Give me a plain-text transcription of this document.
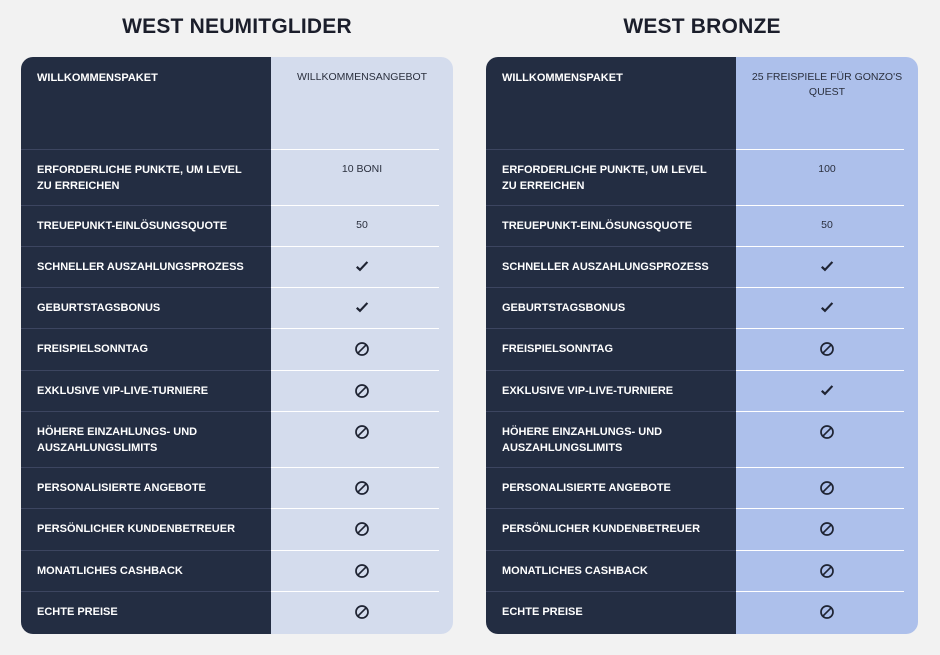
WEST NEUMITGLIDER
WILLKOMMENSPAKET
ERFORDERLICHE PUNKTE, UM LEVEL ZU ERREICHEN
TREUEPUNKT-EINLÖSUNGSQUOTE
SCHNELLER AUSZAHLUNGSPROZESS
GEBURTSTAGSBONUS
FREISPIELSONNTAG
EXKLUSIVE VIP-LIVE-TURNIERE
HÖHERE EINZAHLUNGS- UND AUSZAHLUNGSLIMITS
PERSONALISIERTE ANGEBOTE
PERSÖNLICHER KUNDENBETREUER
MONATLICHES CASHBACK
ECHTE PREISE
WILLKOMMENSANGEBOT
10 BONI
50
WEST BRONZE
WILLKOMMENSPAKET
ERFORDERLICHE PUNKTE, UM LEVEL ZU ERREICHEN
TREUEPUNKT-EINLÖSUNGSQUOTE
SCHNELLER AUSZAHLUNGSPROZESS
GEBURTSTAGSBONUS
FREISPIELSONNTAG
EXKLUSIVE VIP-LIVE-TURNIERE
HÖHERE EINZAHLUNGS- UND AUSZAHLUNGSLIMITS
PERSONALISIERTE ANGEBOTE
PERSÖNLICHER KUNDENBETREUER
MONATLICHES CASHBACK
ECHTE PREISE
25 FREISPIELE FÜR GONZO'S QUEST
100
50
